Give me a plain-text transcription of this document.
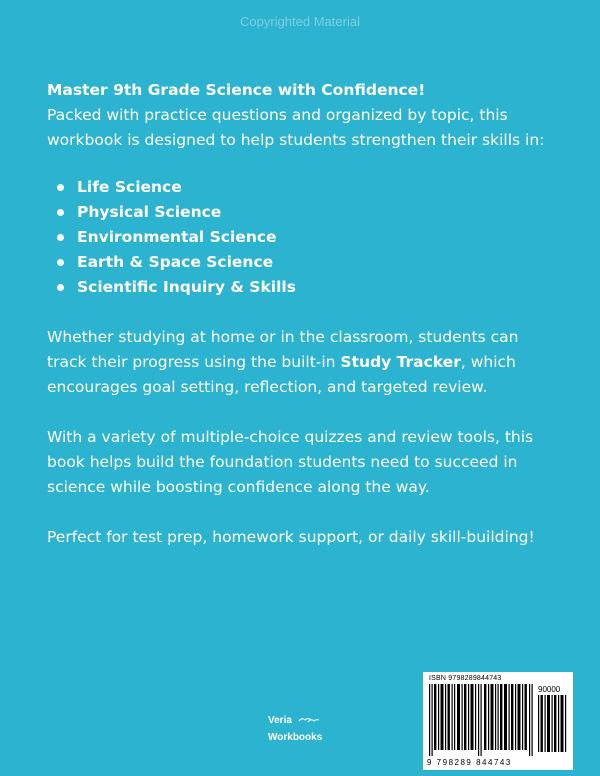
Copyrighted Material

Master 9th Grade Science with Confidence!

Packed with practice questions and organized by topic, this workbook is designed to help students strengthen their skills in:

Life Science
Physical Science
Environmental Science
Earth & Space Science
Scientific Inquiry & Skills

Whether studying at home or in the classroom, students can track their progress using the built-in Study Tracker, which encourages goal setting, reflection, and targeted review.

With a variety of multiple-choice quizzes and review tools, this book helps build the foundation students need to succeed in science while boosting confidence along the way.

Perfect for test prep, homework support, or daily skill-building!

Veria
Workbooks
ISBN 9798289844743
90000
9 798289 844743
